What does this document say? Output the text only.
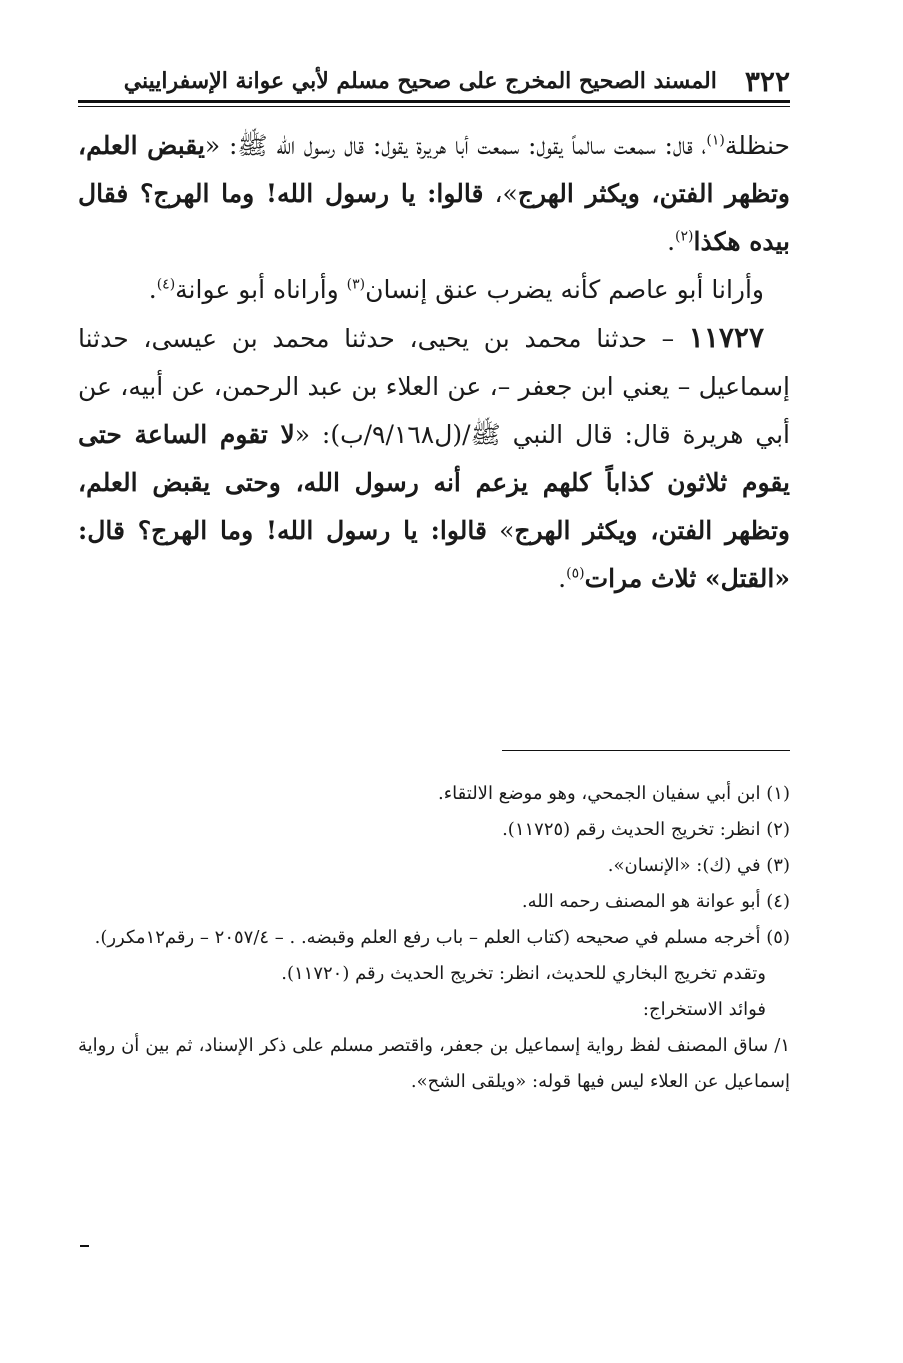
٣٢٢
المسند الصحيح المخرج على صحيح مسلم لأبي عوانة الإسفراييني

حنظلة$^{(١)}$، قال: سمعت سالماً يقول: سمعت أبا هريرة يقول: قال رسول الله ﷺ: «يقبض العلم، وتظهر الفتن، ويكثر الهرج»، قالوا: يا رسول الله! وما الهرج؟ فقال بيده هكذا$^{(٢)}$.

وأرانا أبو عاصم كأنه يضرب عنق إنسان$^{(٣)}$ وأراناه أبو عوانة$^{(٤)}$.

١١٧٢٧ – حدثنا محمد بن يحيى، حدثنا محمد بن عيسى، حدثنا إسماعيل – يعني ابن جعفر –، عن العلاء بن عبد الرحمن، عن أبيه، عن أبي هريرة قال: قال النبي ﷺ/(ل٩/١٦٨/ب): «لا تقوم الساعة حتى يقوم ثلاثون كذاباً كلهم يزعم أنه رسول الله، وحتى يقبض العلم، وتظهر الفتن، ويكثر الهرج» قالوا: يا رسول الله! وما الهرج؟ قال: «القتل» ثلاث مرات$^{(٥)}$.

(١) ابن أبي سفيان الجمحي، وهو موضع الالتقاء.

(٢) انظر: تخريج الحديث رقم (١١٧٢٥).

(٣) في (ك): «الإنسان».

(٤) أبو عوانة هو المصنف رحمه الله.

(٥) أخرجه مسلم في صحيحه (كتاب العلم – باب رفع العلم وقبضه. . – ٢٠٥٧/٤ – رقم١٢مكرر).

وتقدم تخريج البخاري للحديث، انظر: تخريج الحديث رقم (١١٧٢٠).

فوائد الاستخراج:

١/ ساق المصنف لفظ رواية إسماعيل بن جعفر، واقتصر مسلم على ذكر الإسناد، ثم بين أن رواية إسماعيل عن العلاء ليس فيها قوله: «ويلقى الشح».
